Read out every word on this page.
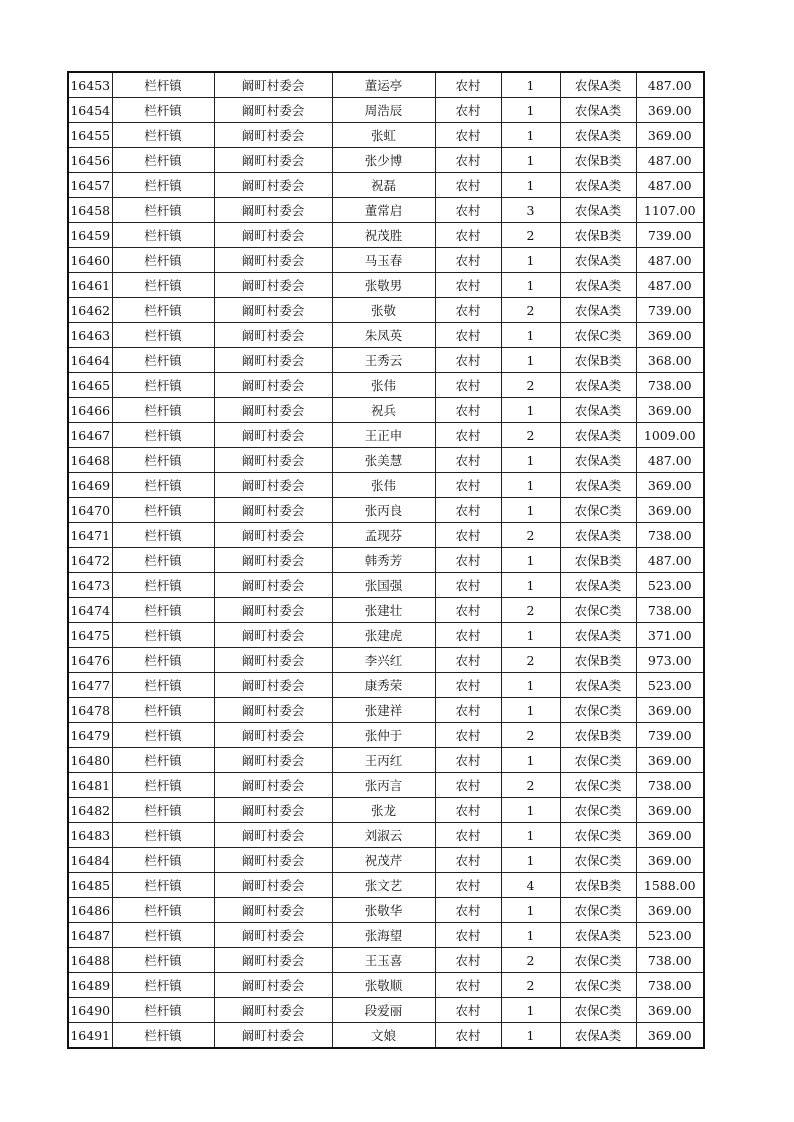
16453	栏杆镇	阚町村委会	董运亭	农村	1	农保A类	487.00
16454	栏杆镇	阚町村委会	周浩辰	农村	1	农保A类	369.00
16455	栏杆镇	阚町村委会	张虹	农村	1	农保A类	369.00
16456	栏杆镇	阚町村委会	张少博	农村	1	农保B类	487.00
16457	栏杆镇	阚町村委会	祝磊	农村	1	农保A类	487.00
16458	栏杆镇	阚町村委会	董常启	农村	3	农保A类	1107.00
16459	栏杆镇	阚町村委会	祝茂胜	农村	2	农保B类	739.00
16460	栏杆镇	阚町村委会	马玉春	农村	1	农保A类	487.00
16461	栏杆镇	阚町村委会	张敬男	农村	1	农保A类	487.00
16462	栏杆镇	阚町村委会	张敬	农村	2	农保A类	739.00
16463	栏杆镇	阚町村委会	朱凤英	农村	1	农保C类	369.00
16464	栏杆镇	阚町村委会	王秀云	农村	1	农保B类	368.00
16465	栏杆镇	阚町村委会	张伟	农村	2	农保A类	738.00
16466	栏杆镇	阚町村委会	祝兵	农村	1	农保A类	369.00
16467	栏杆镇	阚町村委会	王正申	农村	2	农保A类	1009.00
16468	栏杆镇	阚町村委会	张美慧	农村	1	农保A类	487.00
16469	栏杆镇	阚町村委会	张伟	农村	1	农保A类	369.00
16470	栏杆镇	阚町村委会	张丙良	农村	1	农保C类	369.00
16471	栏杆镇	阚町村委会	孟现芬	农村	2	农保A类	738.00
16472	栏杆镇	阚町村委会	韩秀芳	农村	1	农保B类	487.00
16473	栏杆镇	阚町村委会	张国强	农村	1	农保A类	523.00
16474	栏杆镇	阚町村委会	张建壮	农村	2	农保C类	738.00
16475	栏杆镇	阚町村委会	张建虎	农村	1	农保A类	371.00
16476	栏杆镇	阚町村委会	李兴红	农村	2	农保B类	973.00
16477	栏杆镇	阚町村委会	康秀荣	农村	1	农保A类	523.00
16478	栏杆镇	阚町村委会	张建祥	农村	1	农保C类	369.00
16479	栏杆镇	阚町村委会	张仲于	农村	2	农保B类	739.00
16480	栏杆镇	阚町村委会	王丙红	农村	1	农保C类	369.00
16481	栏杆镇	阚町村委会	张丙言	农村	2	农保C类	738.00
16482	栏杆镇	阚町村委会	张龙	农村	1	农保C类	369.00
16483	栏杆镇	阚町村委会	刘淑云	农村	1	农保C类	369.00
16484	栏杆镇	阚町村委会	祝茂芹	农村	1	农保C类	369.00
16485	栏杆镇	阚町村委会	张文艺	农村	4	农保B类	1588.00
16486	栏杆镇	阚町村委会	张敬华	农村	1	农保C类	369.00
16487	栏杆镇	阚町村委会	张海望	农村	1	农保A类	523.00
16488	栏杆镇	阚町村委会	王玉喜	农村	2	农保C类	738.00
16489	栏杆镇	阚町村委会	张敬顺	农村	2	农保C类	738.00
16490	栏杆镇	阚町村委会	段爱丽	农村	1	农保C类	369.00
16491	栏杆镇	阚町村委会	文娘	农村	1	农保A类	369.00
